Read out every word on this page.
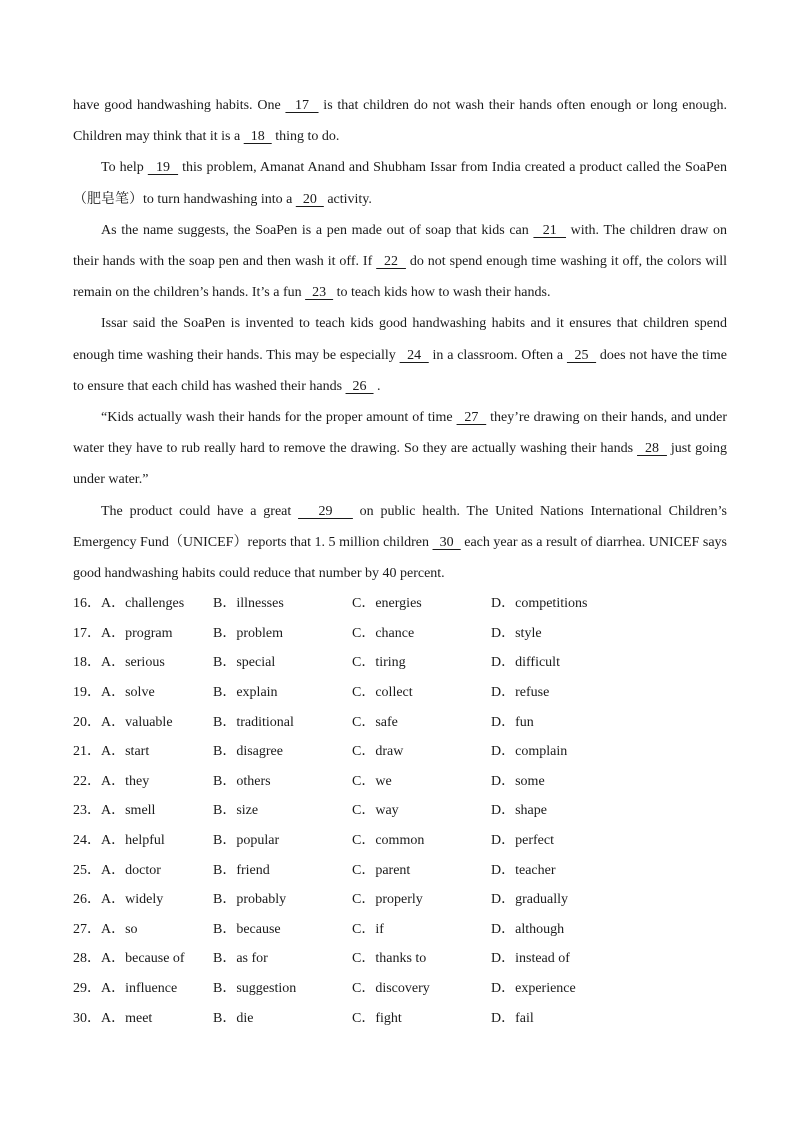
have good handwashing habits. One   17   is that children do not wash their hands often enough or long enough. Children may think that it is a   18   thing to do.

To help   19   this problem, Amanat Anand and Shubham Issar from India created a product called the SoaPen（肥皂笔）to turn handwashing into a   20   activity.

As the name suggests, the SoaPen is a pen made out of soap that kids can   21   with. The children draw on their hands with the soap pen and then wash it off. If   22   do not spend enough time washing it off, the colors will remain on the children’s hands. It’s a fun   23   to teach kids how to wash their hands.

Issar said the SoaPen is invented to teach kids good handwashing habits and it ensures that children spend enough time washing their hands. This may be especially   24   in a classroom. Often a   25   does not have the time to ensure that each child has washed their hands   26   .

“Kids actually wash their hands for the proper amount of time   27   they’re drawing on their hands, and under water they have to rub really hard to remove the drawing. So they are actually washing their hands   28   just going under water.”

The product could have a great    29    on public health. The United Nations International Children’s Emergency Fund（UNICEF）reports that 1. 5 million children   30   each year as a result of diarrhea. UNICEF says good handwashing habits could reduce that number by 40 percent.

16． A．challenges B．illnesses	C．energies	D．competitions
17． A．program	B．problem	C．chance	D．style
18． A．serious	B．special	C．tiring	D．difficult
19． A．solve	B．explain	C．collect	D．refuse
20． A．valuable	B．traditional	C．safe	D．fun
21． A．start	B．disagree	C．draw	D．complain
22． A．they	B．others	C．we	D．some
23． A．smell	B．size	C．way	D．shape
24． A．helpful	B．popular	C．common	D．perfect
25． A．doctor	B．friend	C．parent	D．teacher
26． A．widely	B．probably	C．properly	D．gradually
27． A．so	B．because	C．if	D．although
28． A．because of B．as for	C．thanks to	D．instead of
29． A．influence	B．suggestion	C．discovery	D．experience
30． A．meet	B．die	C．fight	D．fail
